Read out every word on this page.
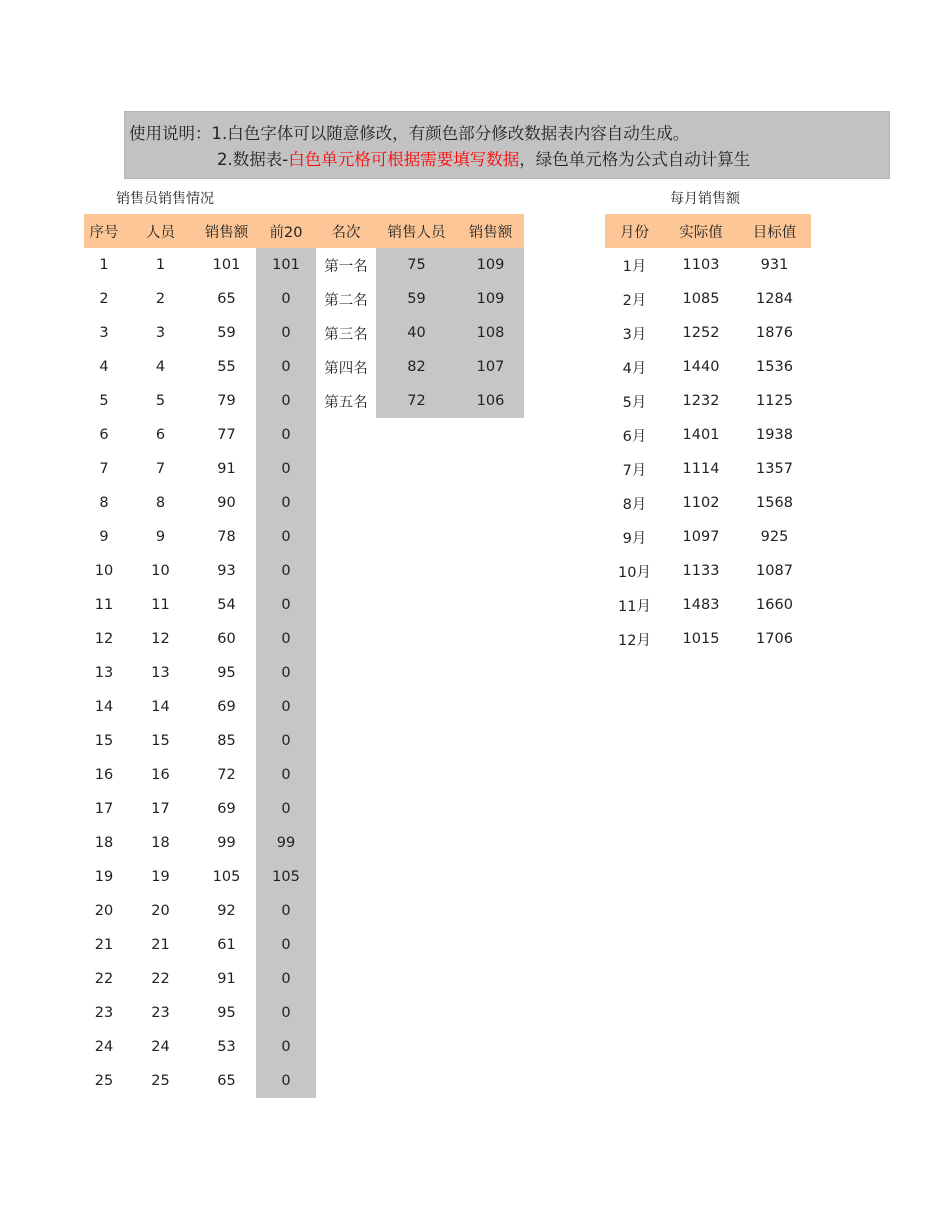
使用说明：1.白色字体可以随意修改，有颜色部分修改数据表内容自动生成。
2.数据表-白色单元格可根据需要填写数据，绿色单元格为公式自动计算生
销售员销售情况	每月销售额
序号	人员	销售额	前20
1	1	101	101
2	2	65	0
3	3	59	0
4	4	55	0
5	5	79	0
6	6	77	0
7	7	91	0
8	8	90	0
9	9	78	0
10	10	93	0
11	11	54	0
12	12	60	0
13	13	95	0
14	14	69	0
15	15	85	0
16	16	72	0
17	17	69	0
18	18	99	99
19	19	105	105
20	20	92	0
21	21	61	0
22	22	91	0
23	23	95	0
24	24	53	0
25	25	65	0
名次	销售人员	销售额
第一名	75	109
第二名	59	109
第三名	40	108
第四名	82	107
第五名	72	106
月份	实际值	目标值
1月	1103	931
2月	1085	1284
3月	1252	1876
4月	1440	1536
5月	1232	1125
6月	1401	1938
7月	1114	1357
8月	1102	1568
9月	1097	925
10月	1133	1087
11月	1483	1660
12月	1015	1706
